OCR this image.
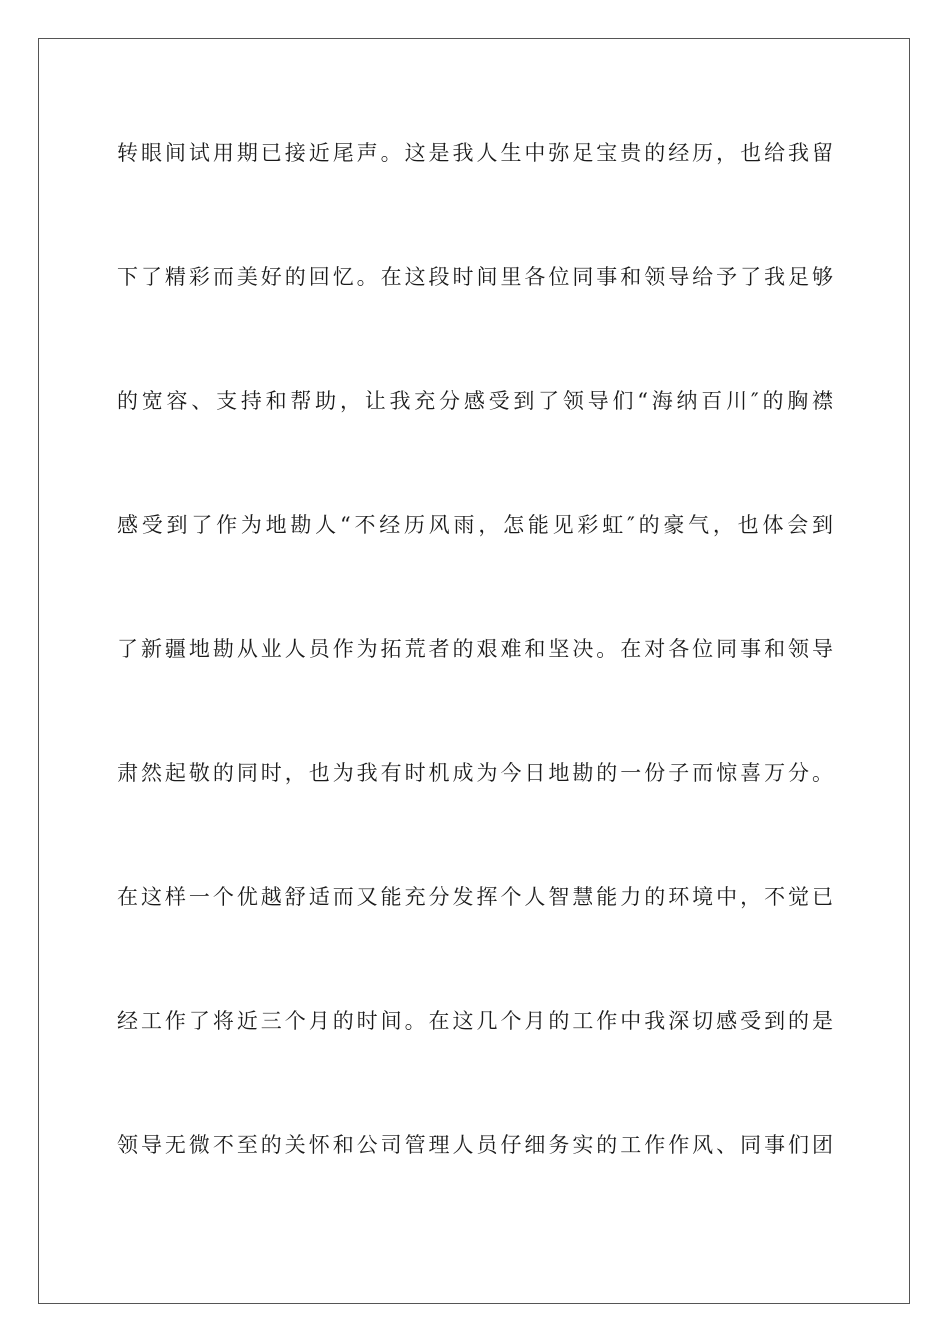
转眼间试用期已接近尾声。这是我人生中弥足宝贵的经历，也给我留
下了精彩而美好的回忆。在这段时间里各位同事和领导给予了我足够
的宽容、支持和帮助，让我充分感受到了领导们“海纳百川″的胸襟
感受到了作为地勘人“不经历风雨，怎能见彩虹″的豪气，也体会到
了新疆地勘从业人员作为拓荒者的艰难和坚决。在对各位同事和领导
肃然起敬的同时，也为我有时机成为今日地勘的一份子而惊喜万分。
在这样一个优越舒适而又能充分发挥个人智慧能力的环境中，不觉已
经工作了将近三个月的时间。在这几个月的工作中我深切感受到的是
领导无微不至的关怀和公司管理人员仔细务实的工作作风、同事们团
